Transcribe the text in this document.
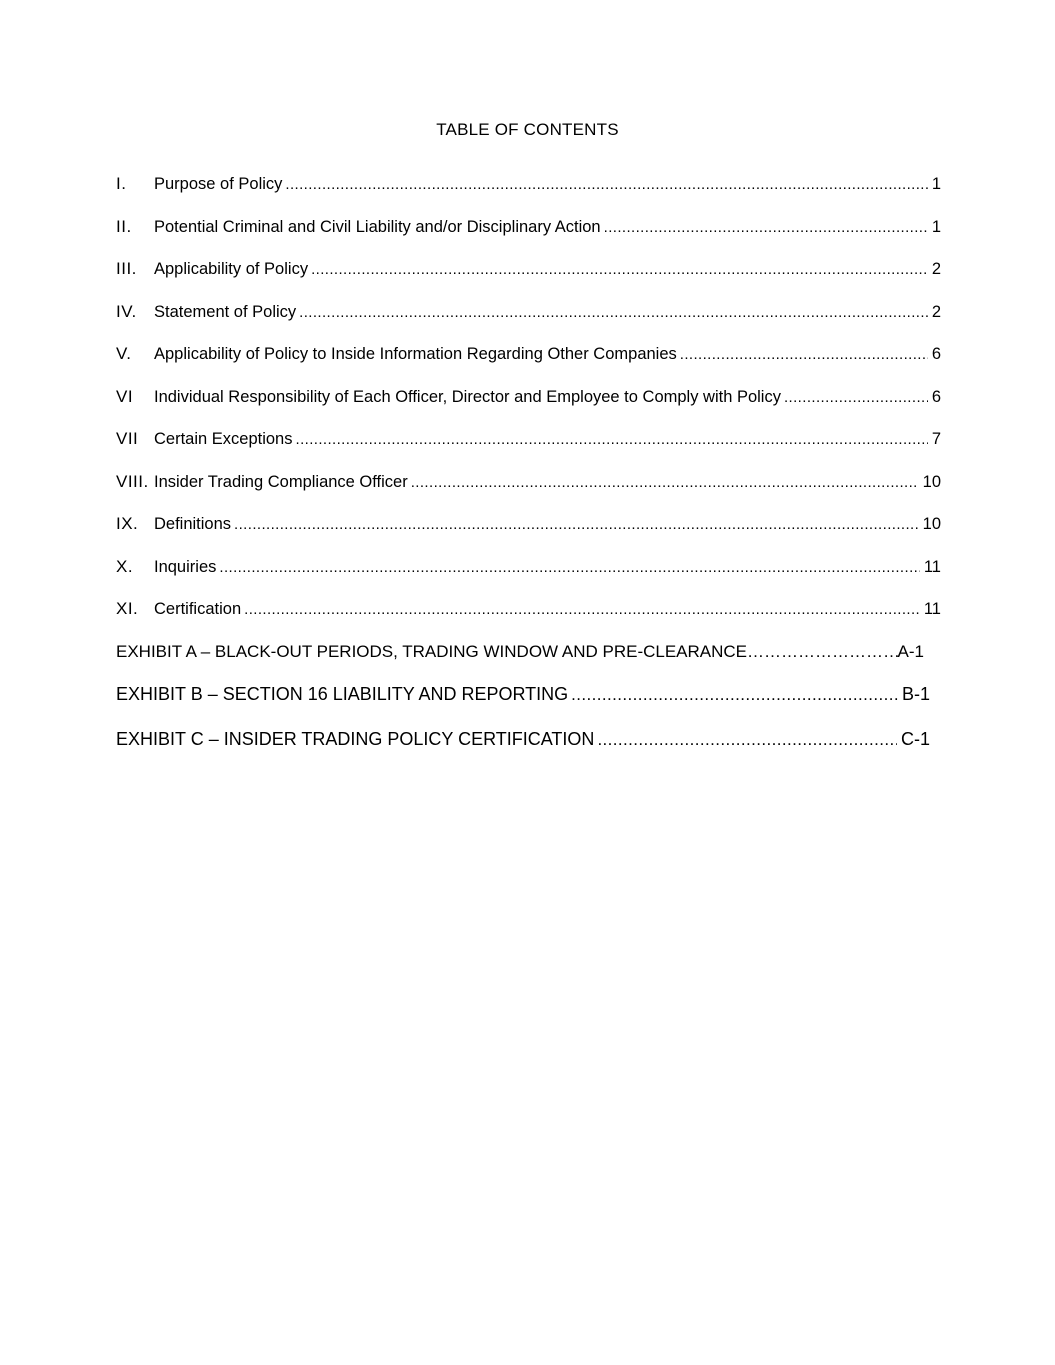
TABLE OF CONTENTS
I.	Purpose of Policy .....	1
II.	Potential Criminal and Civil Liability and/or Disciplinary Action .....	1
III.	Applicability of Policy .....	2
IV.	Statement of Policy .....	2
V.	Applicability of Policy to Inside Information Regarding Other Companies .....	6
VI	Individual Responsibility of Each Officer, Director and Employee to Comply with Policy .....	6
VII Certain Exceptions .....	7
VIII. Insider Trading Compliance Officer .....	10
IX. Definitions .....	10
X.	Inquiries .....	11
XI. Certification .....	11
EXHIBIT A – BLACK-OUT PERIODS, TRADING WINDOW AND PRE-CLEARANCE …………………………………………………………………………	A-1
EXHIBIT B – SECTION 16 LIABILITY AND REPORTING .....	B-1
EXHIBIT C – INSIDER TRADING POLICY CERTIFICATION .....	C-1
